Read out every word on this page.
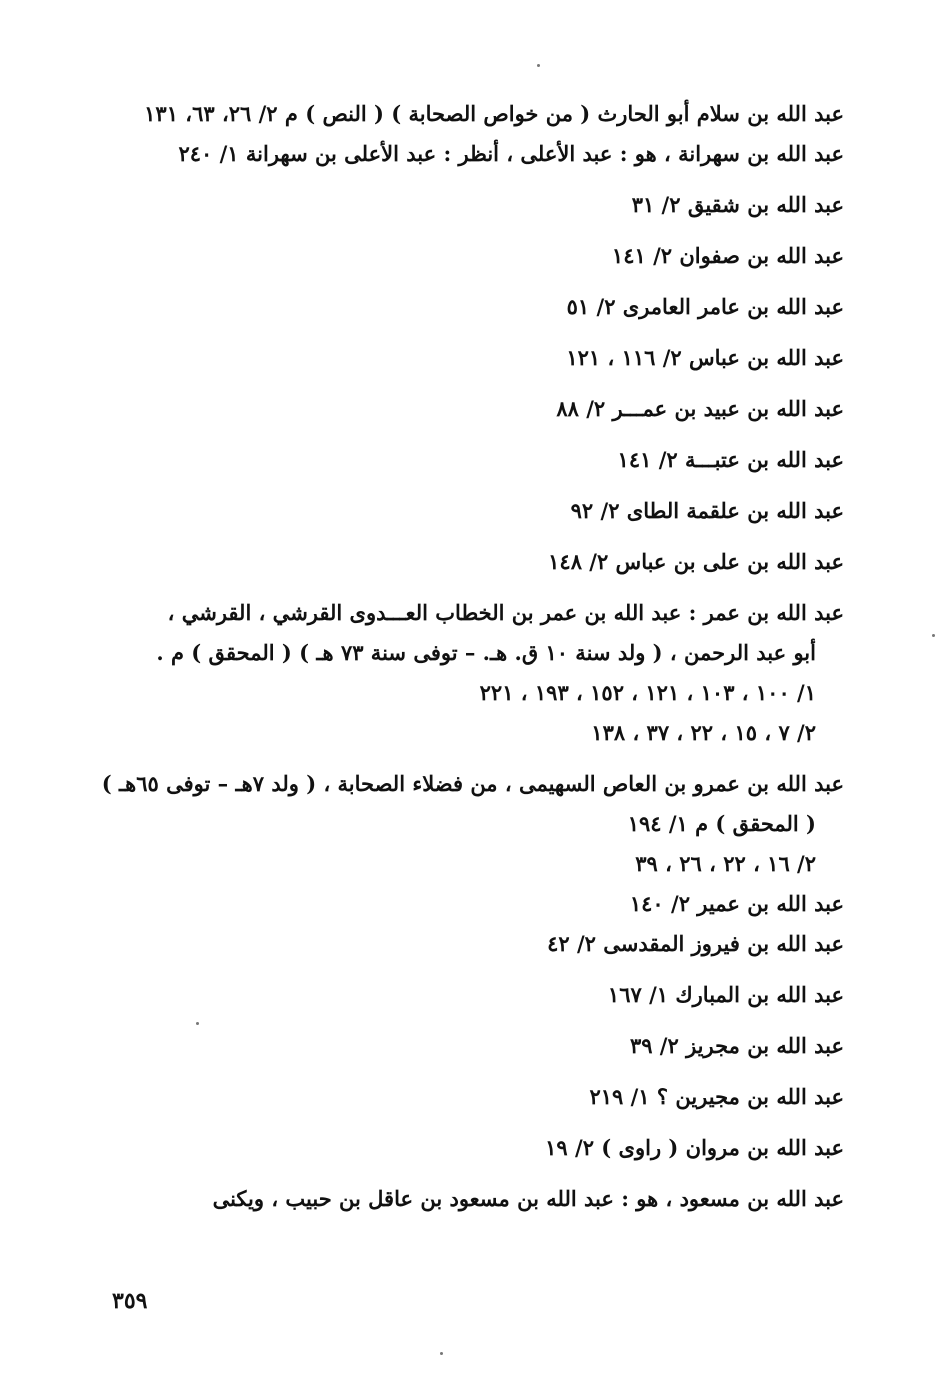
عبد الله بن سلام أبو الحارث ( من خواص الصحابة ) ( النص ) م ٢/ ٢٦، ٦٣، ١٣١
عبد الله بن سهرانة ، هو : عبد الأعلى ، أنظر : عبد الأعلى بن سهرانة ١/ ٢٤٠
عبد الله بن شقيق ٢/ ٣١
عبد الله بن صفوان ٢/ ١٤١
عبد الله بن عامر العامرى ٢/ ٥١
عبد الله بن عباس ٢/ ١١٦ ، ١٢١
عبد الله بن عبيد بن عمـــر ٢/ ٨٨
عبد الله بن عتبـــة ٢/ ١٤١
عبد الله بن علقمة الطاى ٢/ ٩٢
عبد الله بن على بن عباس ٢/ ١٤٨
عبد الله بن عمر : عبد الله بن عمر بن الخطاب العـــدوى القرشي ، القرشي ،
أبو عبد الرحمن ، ( ولد سنة ١٠ ق. هـ. – توفى سنة ٧٣ هـ ) ( المحقق ) م .
١/ ١٠٠ ، ١٠٣ ، ١٢١ ، ١٥٢ ، ١٩٣ ، ٢٢١
٢/ ٧ ، ١٥ ، ٢٢ ، ٣٧ ، ١٣٨
عبد الله بن عمرو بن العاص السهيمى ، من فضلاء الصحابة ، ( ولد ٧هـ – توفى ٦٥هـ )
( المحقق ) م ١/ ١٩٤
٢/ ١٦ ، ٢٢ ، ٢٦ ، ٣٩
عبد الله بن عمير ٢/ ١٤٠
عبد الله بن فيروز المقدسى ٢/ ٤٢
عبد الله بن المبارك ١/ ١٦٧
عبد الله بن مجريز ٢/ ٣٩
عبد الله بن مجيرين ؟ ١/ ٢١٩
عبد الله بن مروان ( راوى ) ٢/ ١٩
عبد الله بن مسعود ، هو : عبد الله بن مسعود بن عاقل بن حبيب ، ويكنى
٣٥٩
